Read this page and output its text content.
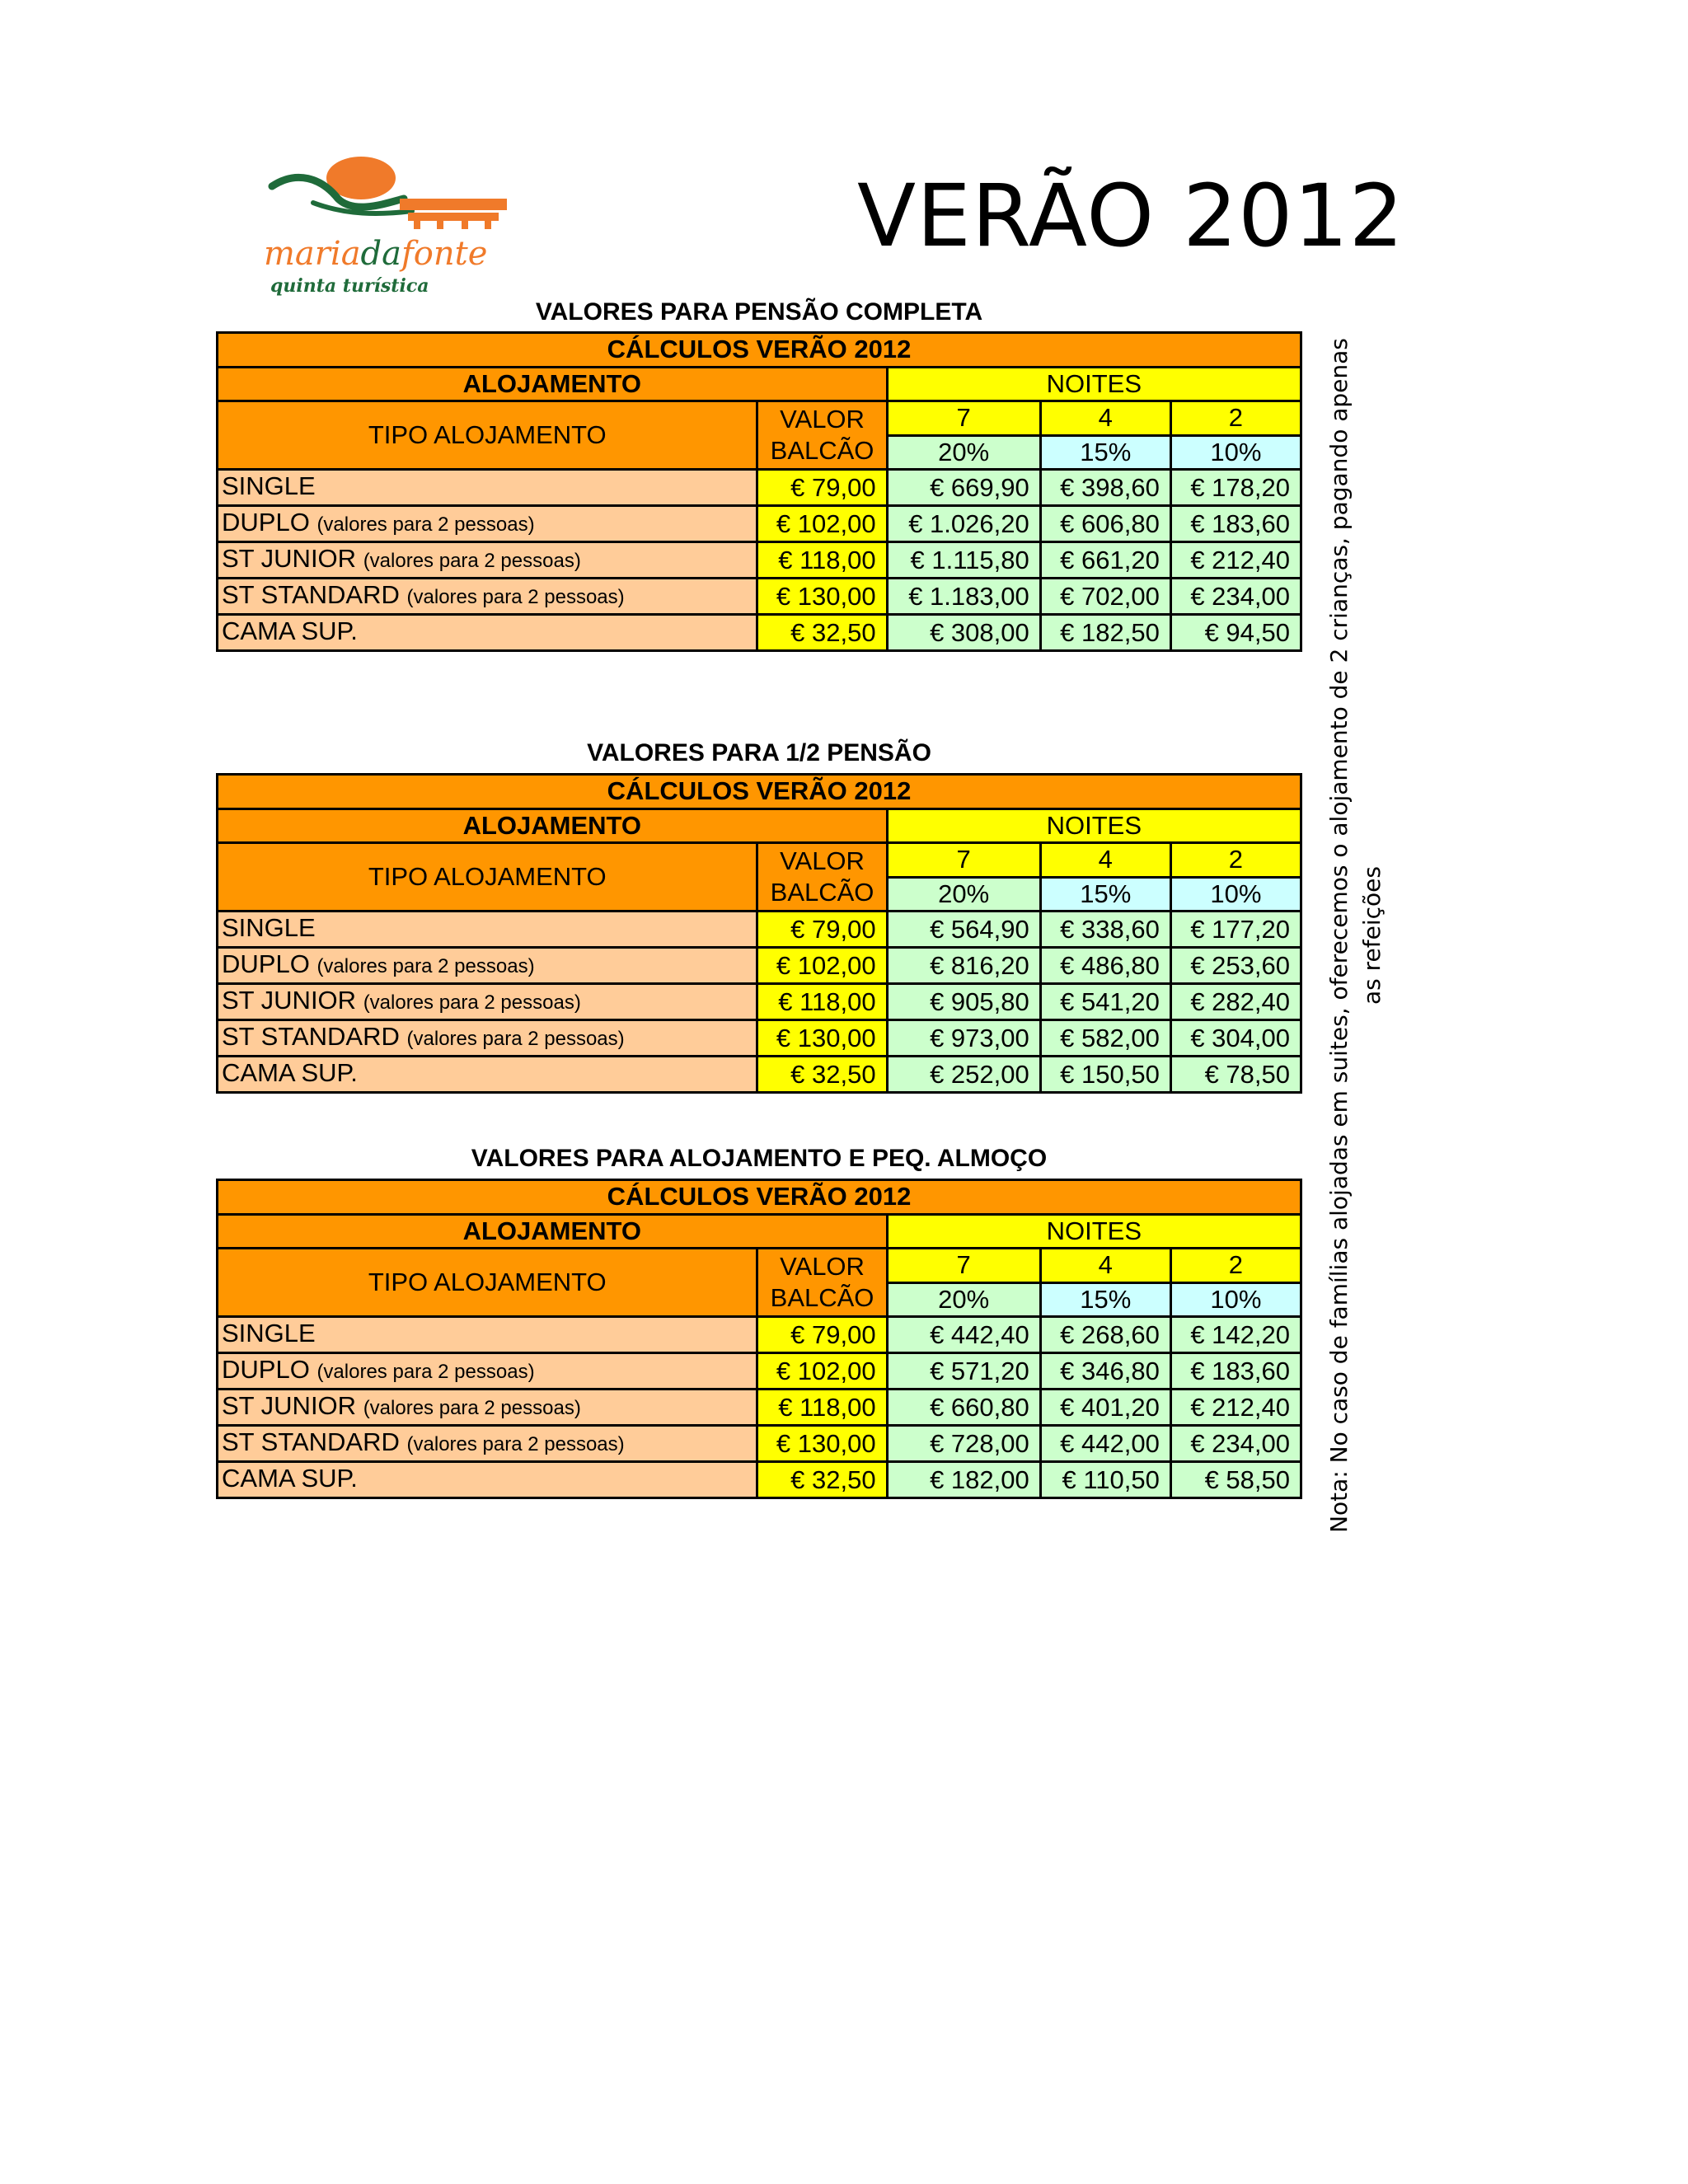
mariadafonte
quinta turística
VERÃO 2012
Nota: No caso de famílias alojadas em suites, oferecemos o alojamento de 2 crianças, pagando apenas as refeições
VALORES PARA PENSÃO COMPLETA
VALORES PARA 1/2 PENSÃO
VALORES PARA ALOJAMENTO E PEQ. ALMOÇO
CÁLCULOS VERÃO 2012				
ALOJAMENTO		NOITES		
TIPO ALOJAMENTO	VALOR
BALCÃO			
		7	4	2
		20%	15%	10%
SINGLE	€ 79,00	€ 669,90	€ 398,60	€ 178,20
DUPLO (valores para 2 pessoas)	€ 102,00	€ 1.026,20	€ 606,80	€ 183,60
ST JUNIOR (valores para 2 pessoas)	€ 118,00	€ 1.115,80	€ 661,20	€ 212,40
ST STANDARD (valores para 2 pessoas)	€ 130,00	€ 1.183,00	€ 702,00	€ 234,00
CAMA SUP.	€ 32,50	€ 308,00	€ 182,50	€ 94,50
CÁLCULOS VERÃO 2012				
ALOJAMENTO		NOITES		
TIPO ALOJAMENTO	VALOR
BALCÃO			
		7	4	2
		20%	15%	10%
SINGLE	€ 79,00	€ 564,90	€ 338,60	€ 177,20
DUPLO (valores para 2 pessoas)	€ 102,00	€ 816,20	€ 486,80	€ 253,60
ST JUNIOR (valores para 2 pessoas)	€ 118,00	€ 905,80	€ 541,20	€ 282,40
ST STANDARD (valores para 2 pessoas)	€ 130,00	€ 973,00	€ 582,00	€ 304,00
CAMA SUP.	€ 32,50	€ 252,00	€ 150,50	€ 78,50
CÁLCULOS VERÃO 2012				
ALOJAMENTO		NOITES		
TIPO ALOJAMENTO	VALOR
BALCÃO			
		7	4	2
		20%	15%	10%
SINGLE	€ 79,00	€ 442,40	€ 268,60	€ 142,20
DUPLO (valores para 2 pessoas)	€ 102,00	€ 571,20	€ 346,80	€ 183,60
ST JUNIOR (valores para 2 pessoas)	€ 118,00	€ 660,80	€ 401,20	€ 212,40
ST STANDARD (valores para 2 pessoas)	€ 130,00	€ 728,00	€ 442,00	€ 234,00
CAMA SUP.	€ 32,50	€ 182,00	€ 110,50	€ 58,50
